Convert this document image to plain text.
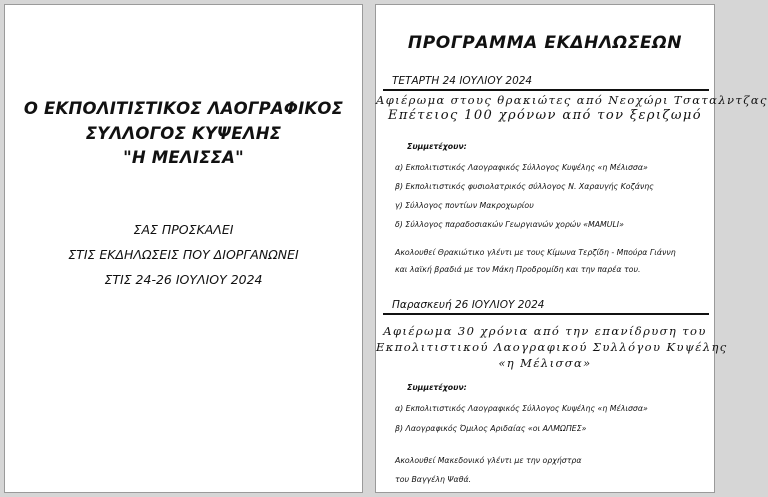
Ο ΕΚΠΟΛΙΤΙΣΤΙΚΟΣ ΛΑΟΓΡΑΦΙΚΟΣ
ΣΥΛΛΟΓΟΣ ΚΥΨΕΛΗΣ
"Η ΜΕΛΙΣΣΑ"
ΣΑΣ ΠΡΟΣΚΑΛΕΙ
ΣΤΙΣ ΕΚΔΗΛΩΣΕΙΣ ΠΟΥ ΔΙΟΡΓΑΝΩΝΕΙ
ΣΤΙΣ 24-26 ΙΟΥΛΙΟΥ 2024
ΠΡΟΓΡΑΜΜΑ ΕΚΔΗΛΩΣΕΩΝ
ΤΕΤΑΡΤΗ 24 ΙΟΥΛΙΟΥ 2024
Αφιέρωμα στους θρακιώτες από Νεοχώρι Τσαταλντζας
Επέτειος 100 χρόνων από τον ξεριζωμό
Συμμετέχουν:
α) Εκπολιτιστικός Λαογραφικός Σύλλογος Κυψέλης «η Μέλισσα»
β) Εκπολιτιστικός φυσιολατρικός σύλλογος Ν. Χαραυγής Κοζάνης
γ) Σύλλογος ποντίων Μακροχωρίου
δ) Σύλλογος παραδοσιακών Γεωργιανών χορών «MAMULI»
Ακολουθεί Θρακιώτικο γλέντι με τους Κίμωνα Τερζίδη - Μπούρα Γιάννη
και λαϊκή βραδιά με τον Μάκη Προδρομίδη και την παρέα του.
Παρασκευή 26 ΙΟΥΛΙΟΥ 2024
Αφιέρωμα 30 χρόνια από την επανίδρυση του
Εκπολιτιστικού Λαογραφικού Συλλόγου Κυψέλης
«η Μέλισσα»
Συμμετέχουν:
α) Εκπολιτιστικός Λαογραφικός Σύλλογος Κυψέλης «η Μέλισσα»
β) Λαογραφικός Όμιλος Αριδαίας «οι ΑΛΜΩΠΕΣ»
Ακολουθεί Μακεδονικό γλέντι με την ορχήστρα
του Βαγγέλη Ψαθά.
